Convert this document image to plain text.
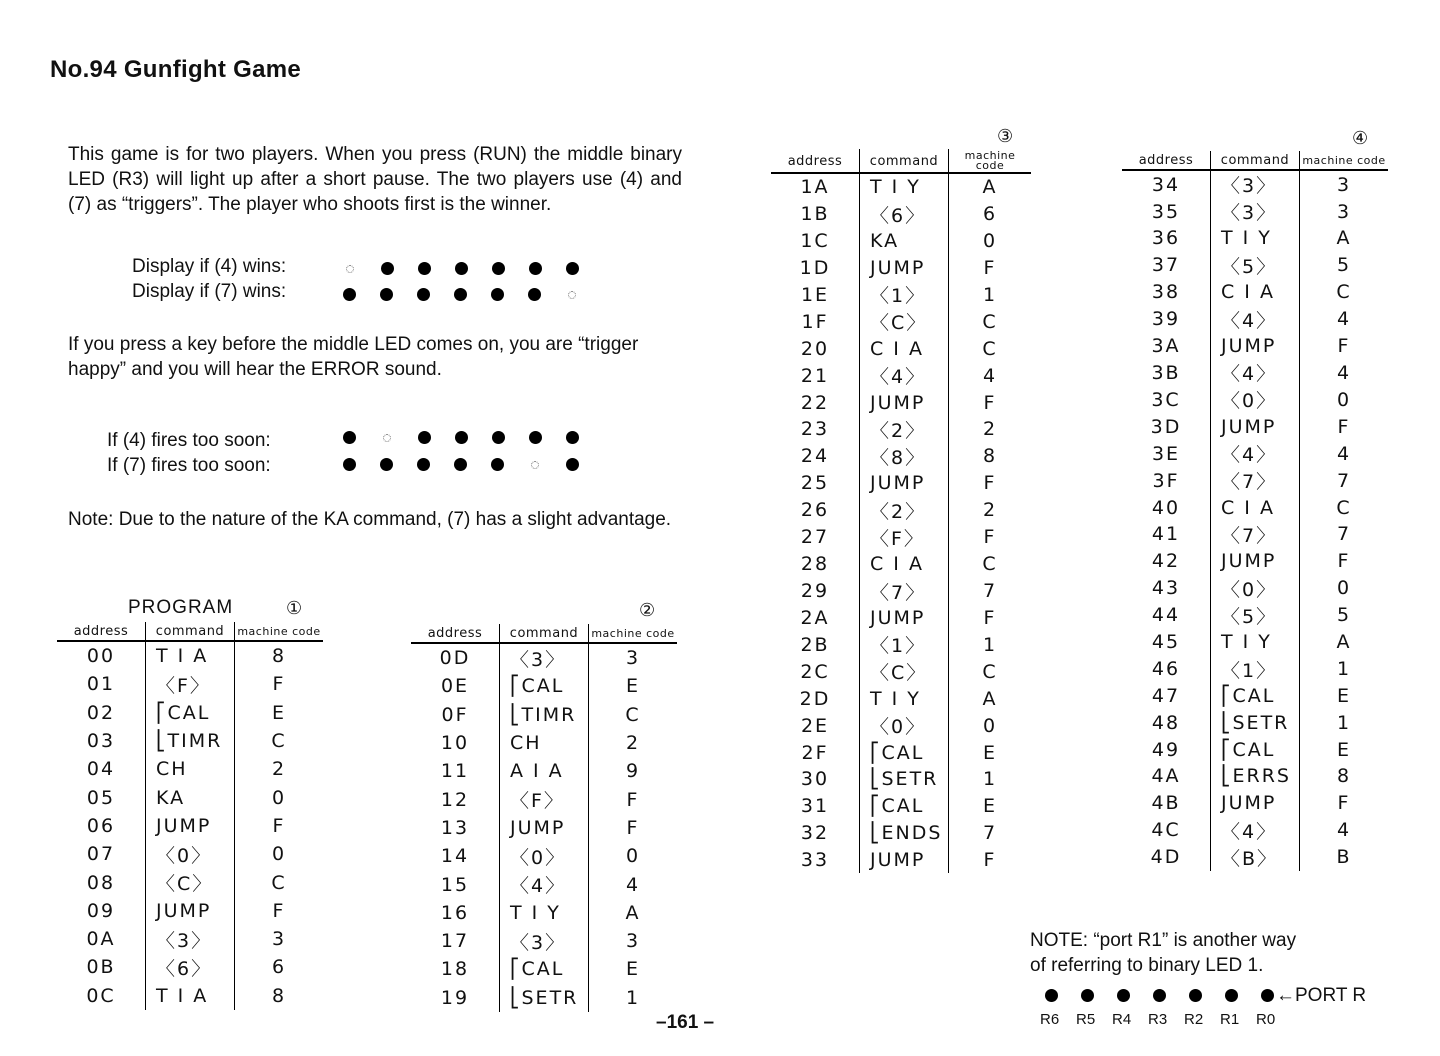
No.94 Gunfight Game
This game is for two players. When you press (RUN) the middle binary LED (R3) will light up after a short pause. The two players use (4) and (7) as “triggers”. The player who shoots first is the winner.
Display if (4) wins:
Display if (7) wins:
If you press a key before the middle LED comes on, you are “trigger happy” and you will hear the ERROR sound.
If (4) fires too soon:
If (7) fires too soon:
Note: Due to the nature of the KA command, (7) has a slight advantage.
PROGRAM	①	②
③	④
address	command	machine code
00	T I A	8
01	〈F〉	F
02	⎡CAL	E
03	⎣TIMR	C
04	CH	2
05	KA	0
06	JUMP	F
07	〈0〉	0
08	〈C〉	C
09	JUMP	F
0A	〈3〉	3
0B	〈6〉	6
0C	T I A	8
address	command	machine code
0D	〈3〉	3
0E	⎡CAL	E
0F	⎣TIMR	C
10	CH	2
11	A I A	9
12	〈F〉	F
13	JUMP	F
14	〈0〉	0
15	〈4〉	4
16	T I Y	A
17	〈3〉	3
18	⎡CAL	E
19	⎣SETR	1
address	command	machine code
1A	T I Y	A
1B	〈6〉	6
1C	KA	0
1D	JUMP	F
1E	〈1〉	1
1F	〈C〉	C
20	C I A	C
21	〈4〉	4
22	JUMP	F
23	〈2〉	2
24	〈8〉	8
25	JUMP	F
26	〈2〉	2
27	〈F〉	F
28	C I A	C
29	〈7〉	7
2A	JUMP	F
2B	〈1〉	1
2C	〈C〉	C
2D	T I Y	A
2E	〈0〉	0
2F	⎡CAL	E
30	⎣SETR	1
31	⎡CAL	E
32	⎣ENDS	7
33	JUMP	F
address	command	machine code
34	〈3〉	3
35	〈3〉	3
36	T I Y	A
37	〈5〉	5
38	C I A	C
39	〈4〉	4
3A	JUMP	F
3B	〈4〉	4
3C	〈0〉	0
3D	JUMP	F
3E	〈4〉	4
3F	〈7〉	7
40	C I A	C
41	〈7〉	7
42	JUMP	F
43	〈0〉	0
44	〈5〉	5
45	T I Y	A
46	〈1〉	1
47	⎡CAL	E
48	⎣SETR	1
49	⎡CAL	E
4A	⎣ERRS	8
4B	JUMP	F
4C	〈4〉	4
4D	〈B〉	B
NOTE: “port R1” is another way
of referring to binary LED 1.
←PORT R
R6 R5 R4 R3 R2 R1 R0
–161 –
